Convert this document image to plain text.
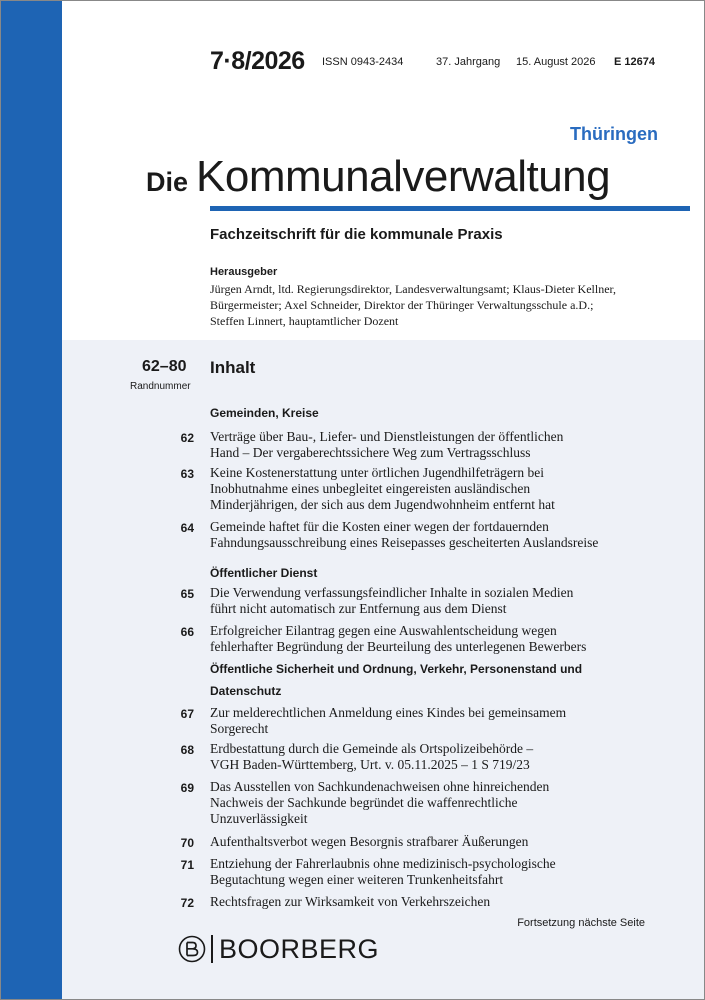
7·8/2026 ISSN 0943-2434	37. Jahrgang 15. August 2026 E 12674
Thüringen
Die Kommunalverwaltung
Fachzeitschrift für die kommunale Praxis
Herausgeber
Jürgen Arndt, ltd. Regierungsdirektor, Landesverwaltungsamt; Klaus-Dieter Kellner,
Bürgermeister; Axel Schneider, Direktor der Thüringer Verwaltungsschule a.D.;
Steffen Linnert, hauptamtlicher Dozent
62–80
Randnummer
Inhalt
Gemeinden, Kreise
62 Verträge über Bau-, Liefer- und Dienstleistungen der öffentlichen
Hand – Der vergaberechtssichere Weg zum Vertragsschluss
63 Keine Kostenerstattung unter örtlichen Jugendhilfeträgern bei
Inobhutnahme eines unbegleitet eingereisten ausländischen
Minderjährigen, der sich aus dem Jugendwohnheim entfernt hat
64 Gemeinde haftet für die Kosten einer wegen der fortdauernden
Fahndungsausschreibung eines Reisepasses gescheiterten Auslandsreise
Öffentlicher Dienst
65 Die Verwendung verfassungsfeindlicher Inhalte in sozialen Medien
führt nicht automatisch zur Entfernung aus dem Dienst
66 Erfolgreicher Eilantrag gegen eine Auswahlentscheidung wegen
fehlerhafter Begründung der Beurteilung des unterlegenen Bewerbers
Öffentliche Sicherheit und Ordnung, Verkehr, Personenstand und
Datenschutz
67 Zur melderechtlichen Anmeldung eines Kindes bei gemeinsamem
Sorgerecht
68 Erdbestattung durch die Gemeinde als Ortspolizeibehörde –
VGH Baden-Württemberg, Urt. v. 05.11.2025 – 1 S 719/23
69 Das Ausstellen von Sachkundenachweisen ohne hinreichenden
Nachweis der Sachkunde begründet die waffenrechtliche
Unzuverlässigkeit
70 Aufenthaltsverbot wegen Besorgnis strafbarer Äußerungen
71 Entziehung der Fahrerlaubnis ohne medizinisch-psychologische
Begutachtung wegen einer weiteren Trunkenheitsfahrt
72 Rechtsfragen zur Wirksamkeit von Verkehrszeichen
Fortsetzung nächste Seite
BOORBERG
